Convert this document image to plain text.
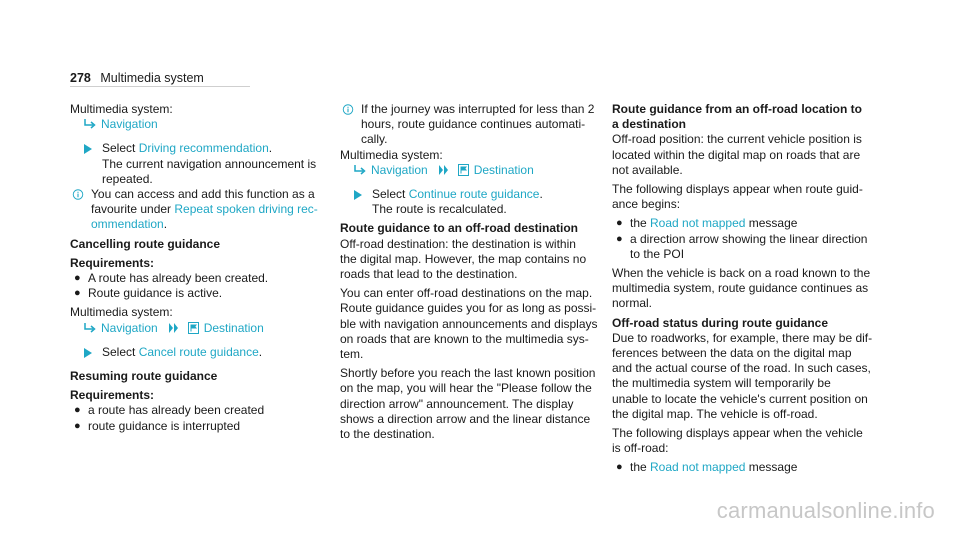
278 Multimedia system

Multimedia system:

Navigation
Select Driving recommendation.
The current navigation announcement is
repeated.
You can access and add this function as a
favourite under Repeat spoken driving rec-
ommendation.

Cancelling route guidance

Requirements:

● A route has already been created.
● Route guidance is active.

Multimedia system:

Navigation	Destination
Select Cancel route guidance.

Resuming route guidance

Requirements:

● a route has already been created
● route guidance is interrupted
If the journey was interrupted for less than 2
hours, route guidance continues automati-
cally.

Multimedia system:

Navigation	Destination
Select Continue route guidance.
The route is recalculated.

Route guidance to an off-road destination

Off-road destination: the destination is within
the digital map. However, the map contains no
roads that lead to the destination.
You can enter off-road destinations on the map.
Route guidance guides you for as long as possi-
ble with navigation announcements and displays
on roads that are known to the multimedia sys-
tem.
Shortly before you reach the last known position
on the map, you will hear the "Please follow the
direction arrow" announcement. The display
shows a direction arrow and the linear distance
to the destination.

Route guidance from an off-road location to
a destination

Off-road position: the current vehicle position is
located within the digital map on roads that are
not available.
The following displays appear when route guid-
ance begins:
● the Road not mapped message
● a direction arrow showing the linear direction
to the POI
When the vehicle is back on a road known to the
multimedia system, route guidance continues as
normal.

Off-road status during route guidance

Due to roadworks, for example, there may be dif-
ferences between the data on the digital map
and the actual course of the road. In such cases,
the multimedia system will temporarily be
unable to locate the vehicle's current position on
the digital map. The vehicle is off-road.
The following displays appear when the vehicle
is off-road:
● the Road not mapped message
carmanualsonline.info
